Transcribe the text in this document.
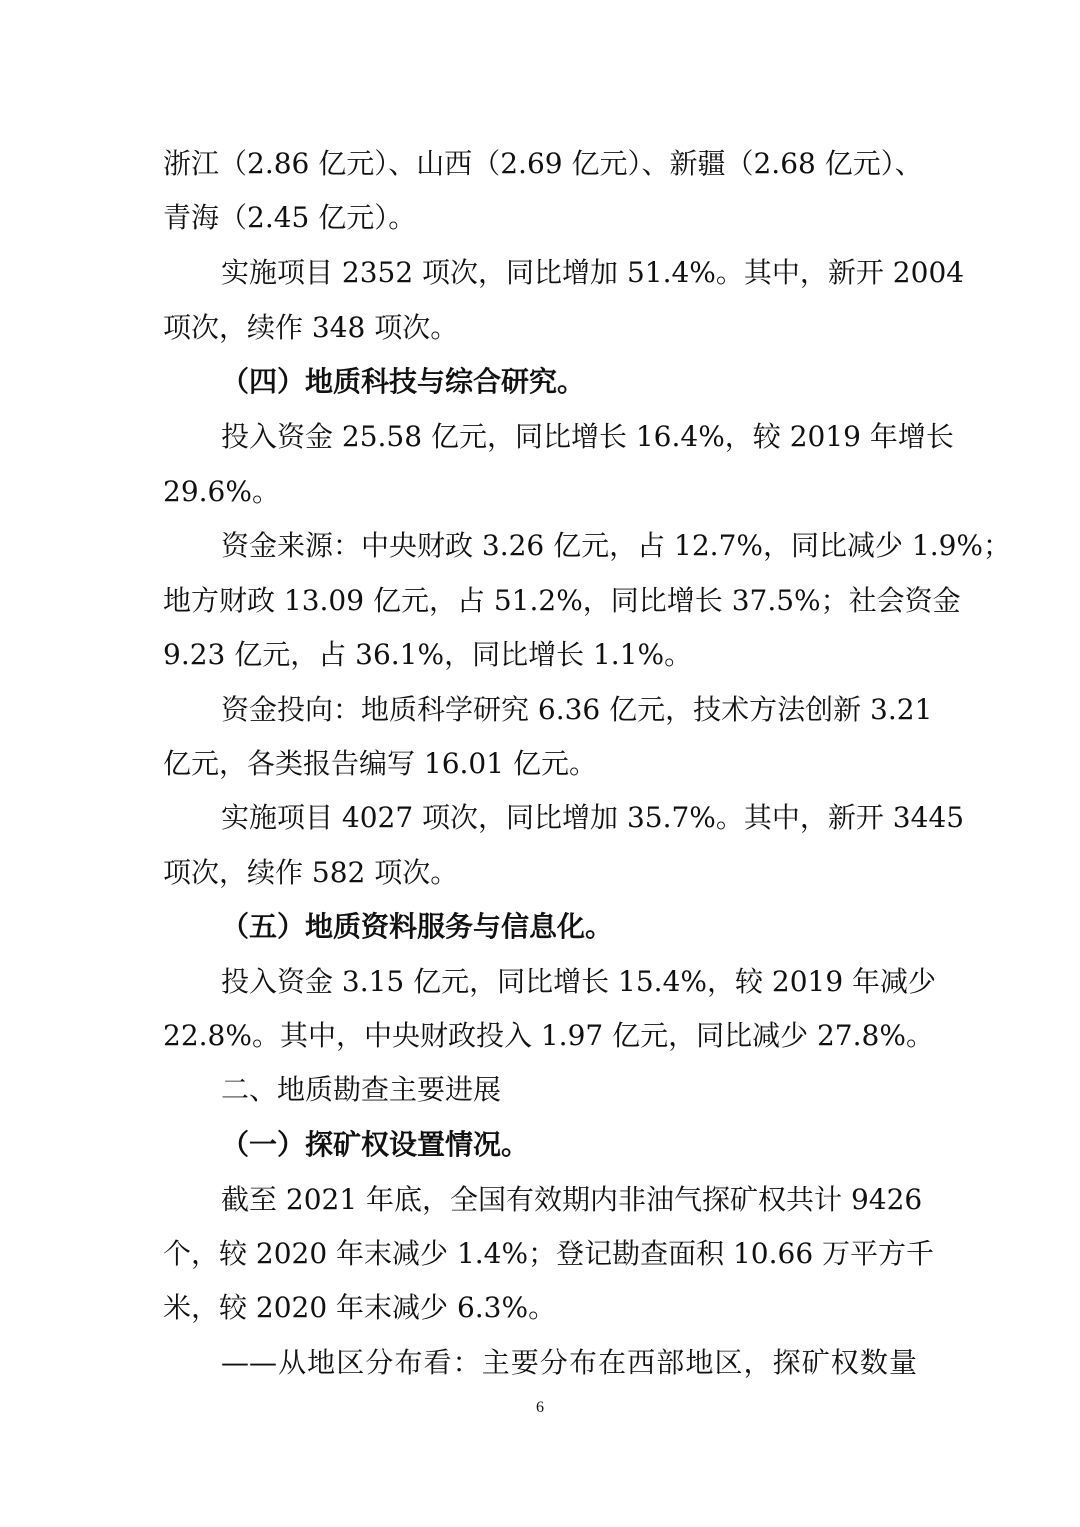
浙江（2.86 亿元）、山西（2.69 亿元）、新疆（2.68 亿元）、
青海（2.45 亿元）。
实施项目 2352 项次，同比增加 51.4%。其中，新开 2004
项次，续作 348 项次。
（四）地质科技与综合研究。
投入资金 25.58 亿元，同比增长 16.4%，较 2019 年增长
29.6%。
资金来源：中央财政 3.26 亿元，占 12.7%，同比减少 1.9%；
地方财政 13.09 亿元，占 51.2%，同比增长 37.5%；社会资金
9.23 亿元，占 36.1%，同比增长 1.1%。
资金投向：地质科学研究 6.36 亿元，技术方法创新 3.21
亿元，各类报告编写 16.01 亿元。
实施项目 4027 项次，同比增加 35.7%。其中，新开 3445
项次，续作 582 项次。
（五）地质资料服务与信息化。
投入资金 3.15 亿元，同比增长 15.4%，较 2019 年减少
22.8%。其中，中央财政投入 1.97 亿元，同比减少 27.8%。
二、地质勘查主要进展
（一）探矿权设置情况。
截至 2021 年底，全国有效期内非油气探矿权共计 9426
个，较 2020 年末减少 1.4%；登记勘查面积 10.66 万平方千
米，较 2020 年末减少 6.3%。
——从地区分布看：主要分布在西部地区，探矿权数量
6
